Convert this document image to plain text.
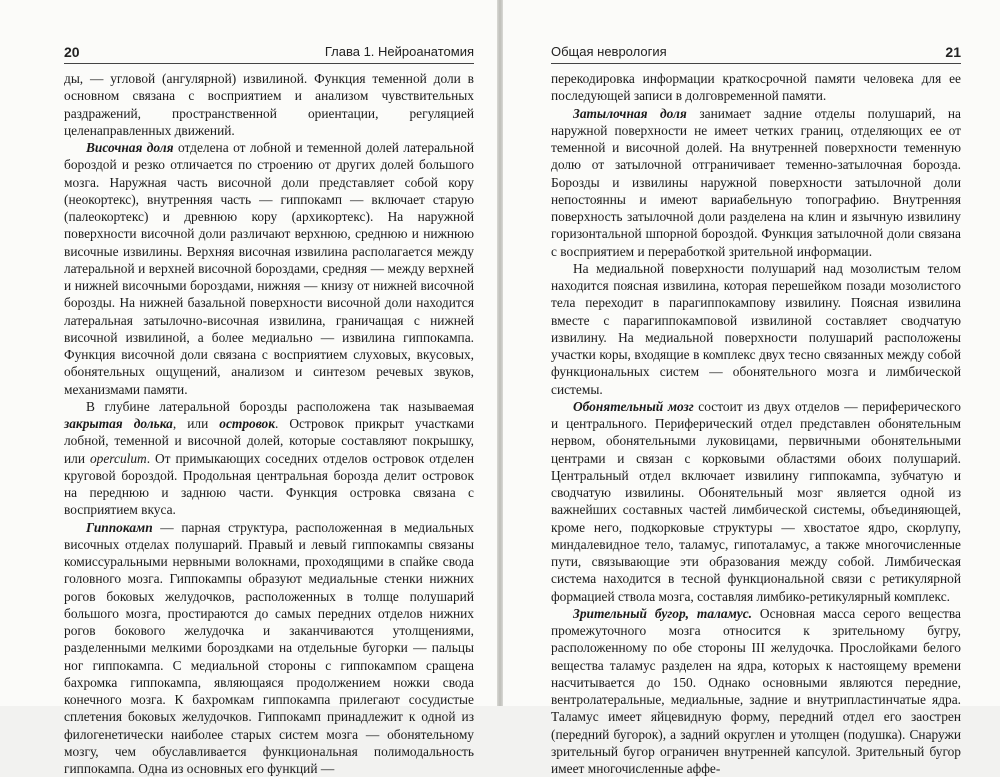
20	Глава 1. Нейроанатомия

ды, — угловой (ангулярной) извилиной. Функция теменной доли в основном связана с восприятием и анализом чувствительных раздражений, пространственной ориентации, регуляцией целенаправленных движений.

Височная доля отделена от лобной и теменной долей латеральной бороздой и резко отличается по строению от других долей большого мозга. Наружная часть височной доли представляет собой кору (неокортекс), внутренняя часть — гиппокамп — включает старую (палеокортекс) и древнюю кору (архикортекс). На наружной поверхности височной доли различают верхнюю, среднюю и нижнюю височные извилины. Верхняя височная извилина располагается между латеральной и верхней височной бороздами, средняя — между верхней и нижней височными бороздами, нижняя — книзу от нижней височной борозды. На нижней базальной поверхности височной доли находится латеральная затылочно-височная извилина, граничащая с нижней височной извилиной, а более медиально — извилина гиппокампа. Функция височной доли связана с восприятием слуховых, вкусовых, обонятельных ощущений, анализом и синтезом речевых звуков, механизмами памяти.

В глубине латеральной борозды расположена так называемая закрытая долька, или островок. Островок прикрыт участками лобной, теменной и височной долей, которые составляют покрышку, или operculum. От примыкающих соседних отделов островок отделен круговой бороздой. Продольная центральная борозда делит островок на переднюю и заднюю части. Функция островка связана с восприятием вкуса.

Гиппокамп — парная структура, расположенная в медиальных височных отделах полушарий. Правый и левый гиппокампы связаны комиссуральными нервными волокнами, проходящими в спайке свода головного мозга. Гиппокампы образуют медиальные стенки нижних рогов боковых желудочков, расположенных в толще полушарий большого мозга, простираются до самых передних отделов нижних рогов бокового желудочка и заканчиваются утолщениями, разделенными мелкими бороздками на отдельные бугорки — пальцы ног гиппокампа. С медиальной стороны с гиппокампом сращена бахромка гиппокампа, являющаяся продолжением ножки свода конечного мозга. К бахромкам гиппокампа прилегают сосудистые сплетения боковых желудочков. Гиппокамп принадлежит к одной из филогенетически наиболее старых систем мозга — обонятельному мозгу, чем обуславливается функциональная полимодальность гиппокампа. Одна из основных его функций —

Общая неврология	21

перекодировка информации краткосрочной памяти человека для ее последующей записи в долговременной памяти.

Затылочная доля занимает задние отделы полушарий, на наружной поверхности не имеет четких границ, отделяющих ее от теменной и височной долей. На внутренней поверхности теменную долю от затылочной отграничивает теменно-затылочная борозда. Борозды и извилины наружной поверхности затылочной доли непостоянны и имеют вариабельную топографию. Внутренняя поверхность затылочной доли разделена на клин и язычную извилину горизонтальной шпорной бороздой. Функция затылочной доли связана с восприятием и переработкой зрительной информации.

На медиальной поверхности полушарий над мозолистым телом находится поясная извилина, которая перешейком позади мозолистого тела переходит в парагиппокампову извилину. Поясная извилина вместе с парагиппокамповой извилиной составляет сводчатую извилину. На медиальной поверхности полушарий расположены участки коры, входящие в комплекс двух тесно связанных между собой функциональных систем — обонятельного мозга и лимбической системы.

Обонятельный мозг состоит из двух отделов — периферического и центрального. Периферический отдел представлен обонятельным нервом, обонятельными луковицами, первичными обонятельными центрами и связан с корковыми областями обоих полушарий. Центральный отдел включает извилину гиппокампа, зубчатую и сводчатую извилины. Обонятельный мозг является одной из важнейших составных частей лимбической системы, объединяющей, кроме него, подкорковые структуры — хвостатое ядро, скорлупу, миндалевидное тело, таламус, гипоталамус, а также многочисленные пути, связывающие эти образования между собой. Лимбическая система находится в тесной функциональной связи с ретикулярной формацией ствола мозга, составляя лимбико-ретикулярный комплекс.

Зрительный бугор, таламус. Основная масса серого вещества промежуточного мозга относится к зрительному бугру, расположенному по обе стороны III желудочка. Прослойками белого вещества таламус разделен на ядра, которых к настоящему времени насчитывается до 150. Однако основными являются передние, вентролатеральные, медиальные, задние и внутрипластинчатые ядра. Таламус имеет яйцевидную форму, передний отдел его заострен (передний бугорок), а задний округлен и утолщен (подушка). Снаружи зрительный бугор ограничен внутренней капсулой. Зрительный бугор имеет многочисленные аффе-
